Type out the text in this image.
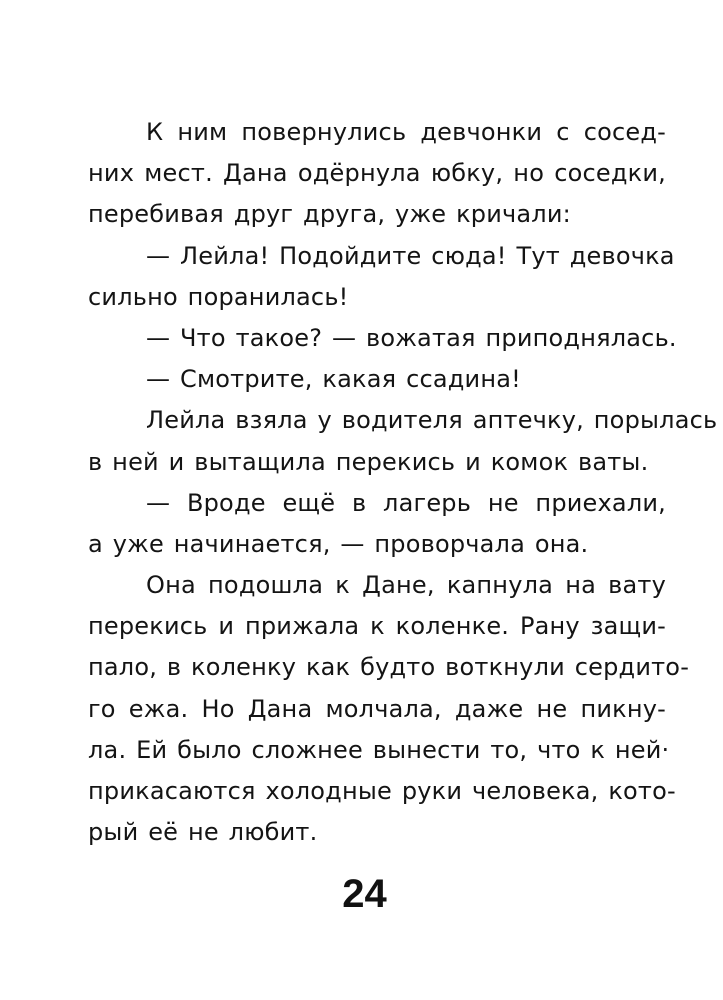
К ним повернулись девчонки с сосед-
них мест. Дана одёрнула юбку, но соседки,
перебивая друг друга, уже кричали:
— Лейла! Подойдите сюда! Тут девочка
сильно поранилась!
— Что такое? — вожатая приподнялась.
— Смотрите, какая ссадина!
Лейла взяла у водителя аптечку, порылась
в ней и вытащила перекись и комок ваты.
— Вроде ещё в лагерь не приехали,
а уже начинается, — проворчала она.
Она подошла к Дане, капнула на вату
перекись и прижала к коленке. Рану защи-
пало, в коленку как будто воткнули сердито-
го ежа. Но Дана молчала, даже не пикну-
ла. Ей было сложнее вынести то, что к ней·
прикасаются холодные руки человека, кото-
рый её не любит.
24
